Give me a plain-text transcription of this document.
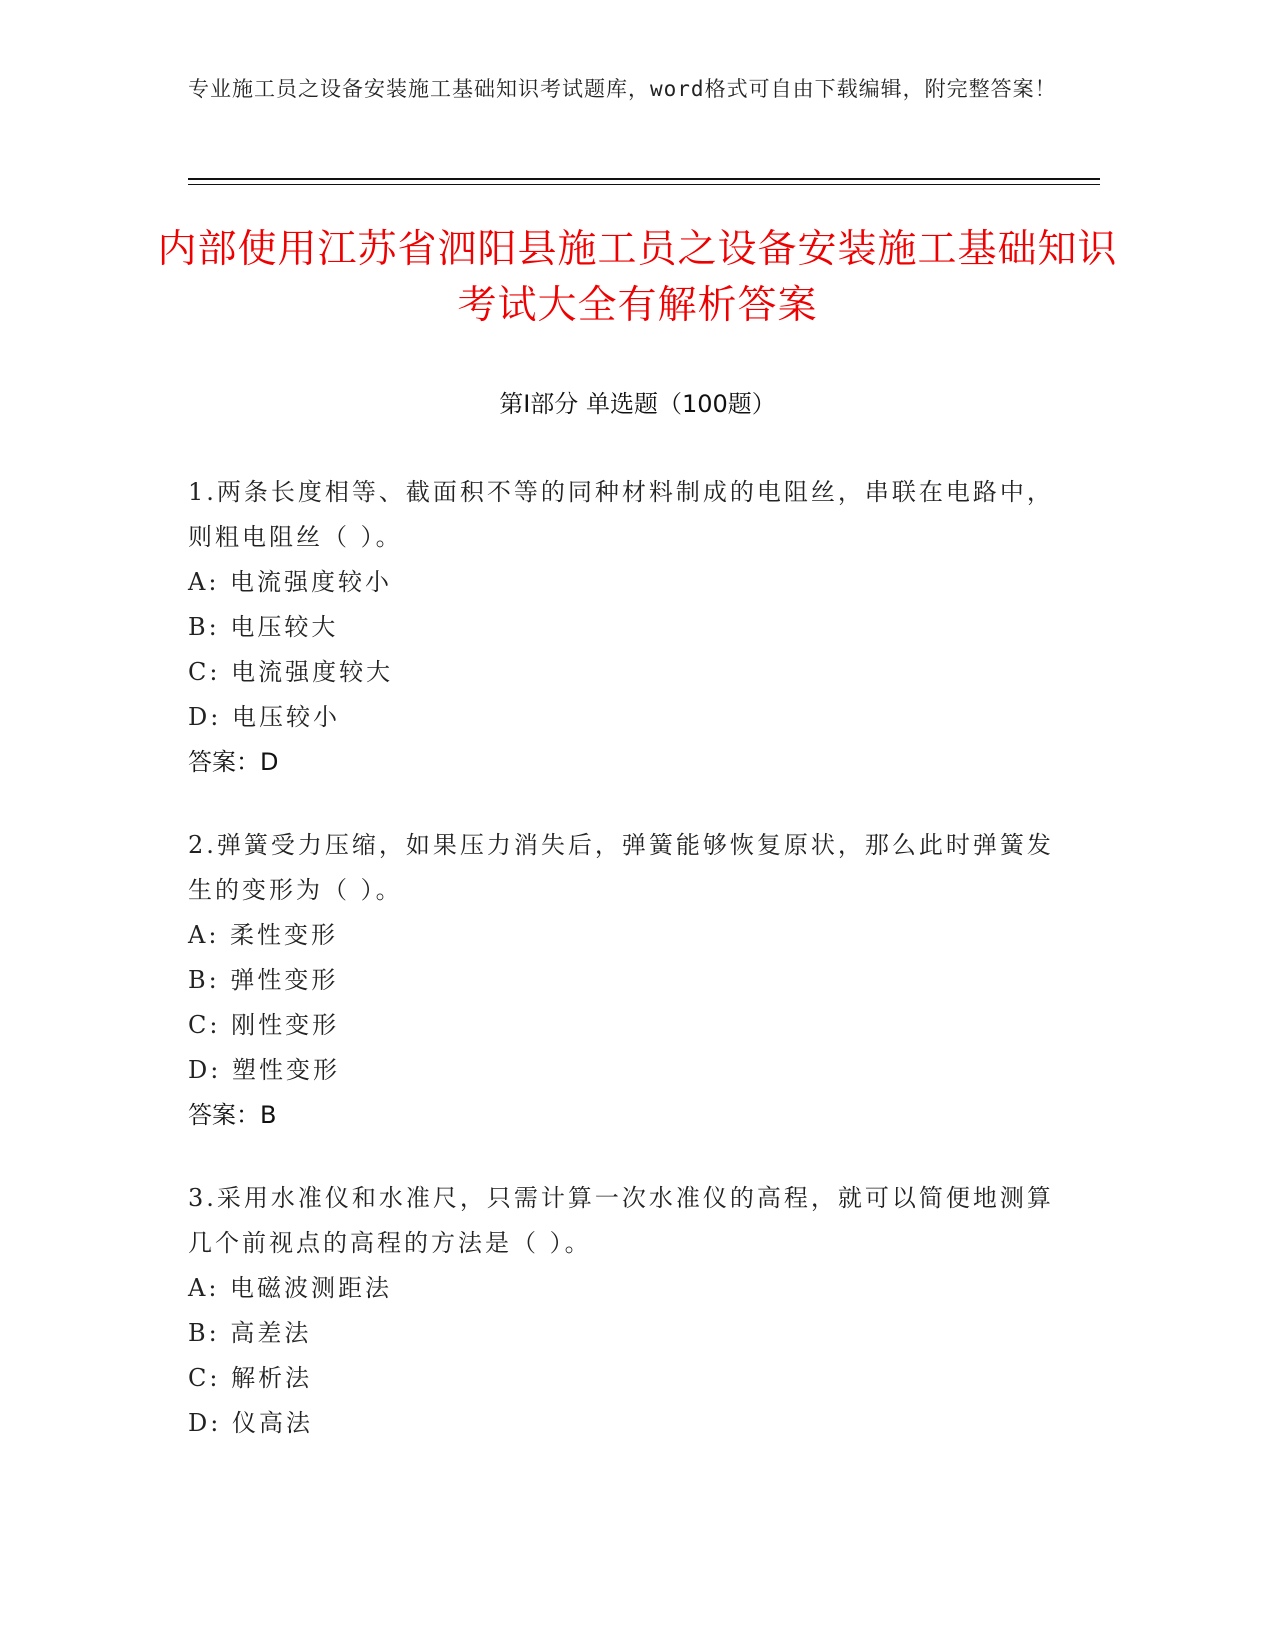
专业施工员之设备安装施工基础知识考试题库，word格式可自由下载编辑，附完整答案！
内部使用江苏省泗阳县施工员之设备安装施工基础知识考试大全有解析答案
第Ⅰ部分 单选题（100题）
1.两条长度相等、截面积不等的同种材料制成的电阻丝，串联在电路中，则粗电阻丝（ ）。
A: 电流强度较小
B: 电压较大
C: 电流强度较大
D: 电压较小
答案：D
2.弹簧受力压缩，如果压力消失后，弹簧能够恢复原状，那么此时弹簧发生的变形为（ ）。
A: 柔性变形
B: 弹性变形
C: 刚性变形
D: 塑性变形
答案：B
3.采用水准仪和水准尺，只需计算一次水准仪的高程，就可以简便地测算几个前视点的高程的方法是（ ）。
A: 电磁波测距法
B: 高差法
C: 解析法
D: 仪高法
